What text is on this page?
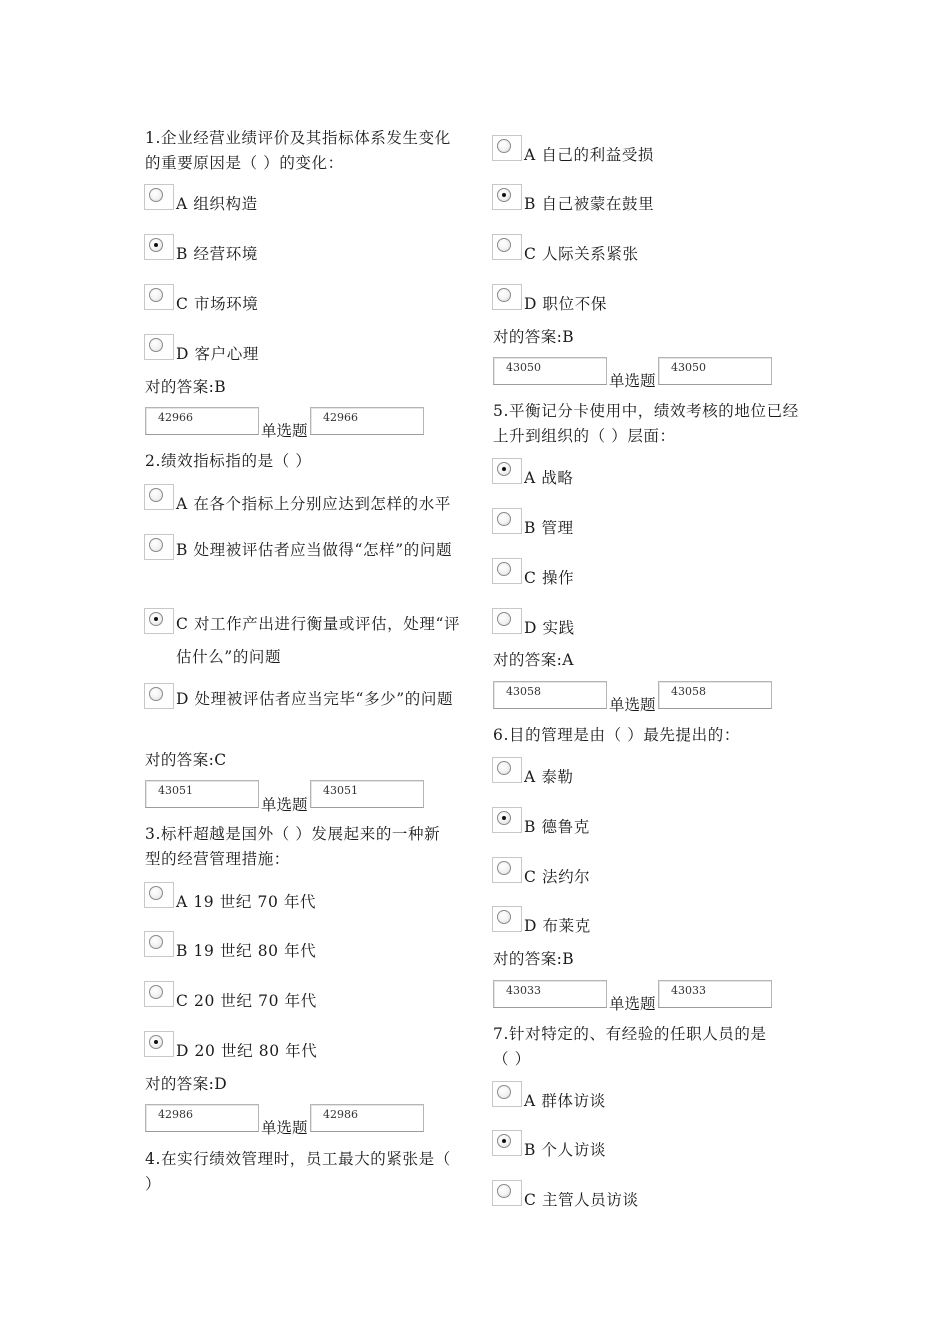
1.企业经营业绩评价及其指标体系发生变化
的重要原因是（ ）的变化：
A 组织构造
B 经营环境
C 市场环境
D 客户心理
对的答案:B
42966
单选题
42966
2.绩效指标指的是（ ）
A 在各个指标上分别应达到怎样的水平
B 处理被评估者应当做得“怎样”的问题
C 对工作产出进行衡量或评估，处理“评估什么”的问题
D 处理被评估者应当完毕“多少”的问题
对的答案:C
43051
单选题
43051
3.标杆超越是国外（ ）发展起来的一种新
型的经营管理措施：
A 19 世纪 70 年代
B 19 世纪 80 年代
C 20 世纪 70 年代
D 20 世纪 80 年代
对的答案:D
42986
单选题
42986
4.在实行绩效管理时，员工最大的紧张是（
）
A 自己的利益受损
B 自己被蒙在鼓里
C 人际关系紧张
D 职位不保
对的答案:B
43050
单选题
43050
5.平衡记分卡使用中，绩效考核的地位已经
上升到组织的（ ）层面：
A 战略
B 管理
C 操作
D 实践
对的答案:A
43058
单选题
43058
6.目的管理是由（ ）最先提出的：
A 泰勒
B 德鲁克
C 法约尔
D 布莱克
对的答案:B
43033
单选题
43033
7.针对特定的、有经验的任职人员的是
（ ）
A 群体访谈
B 个人访谈
C 主管人员访谈
